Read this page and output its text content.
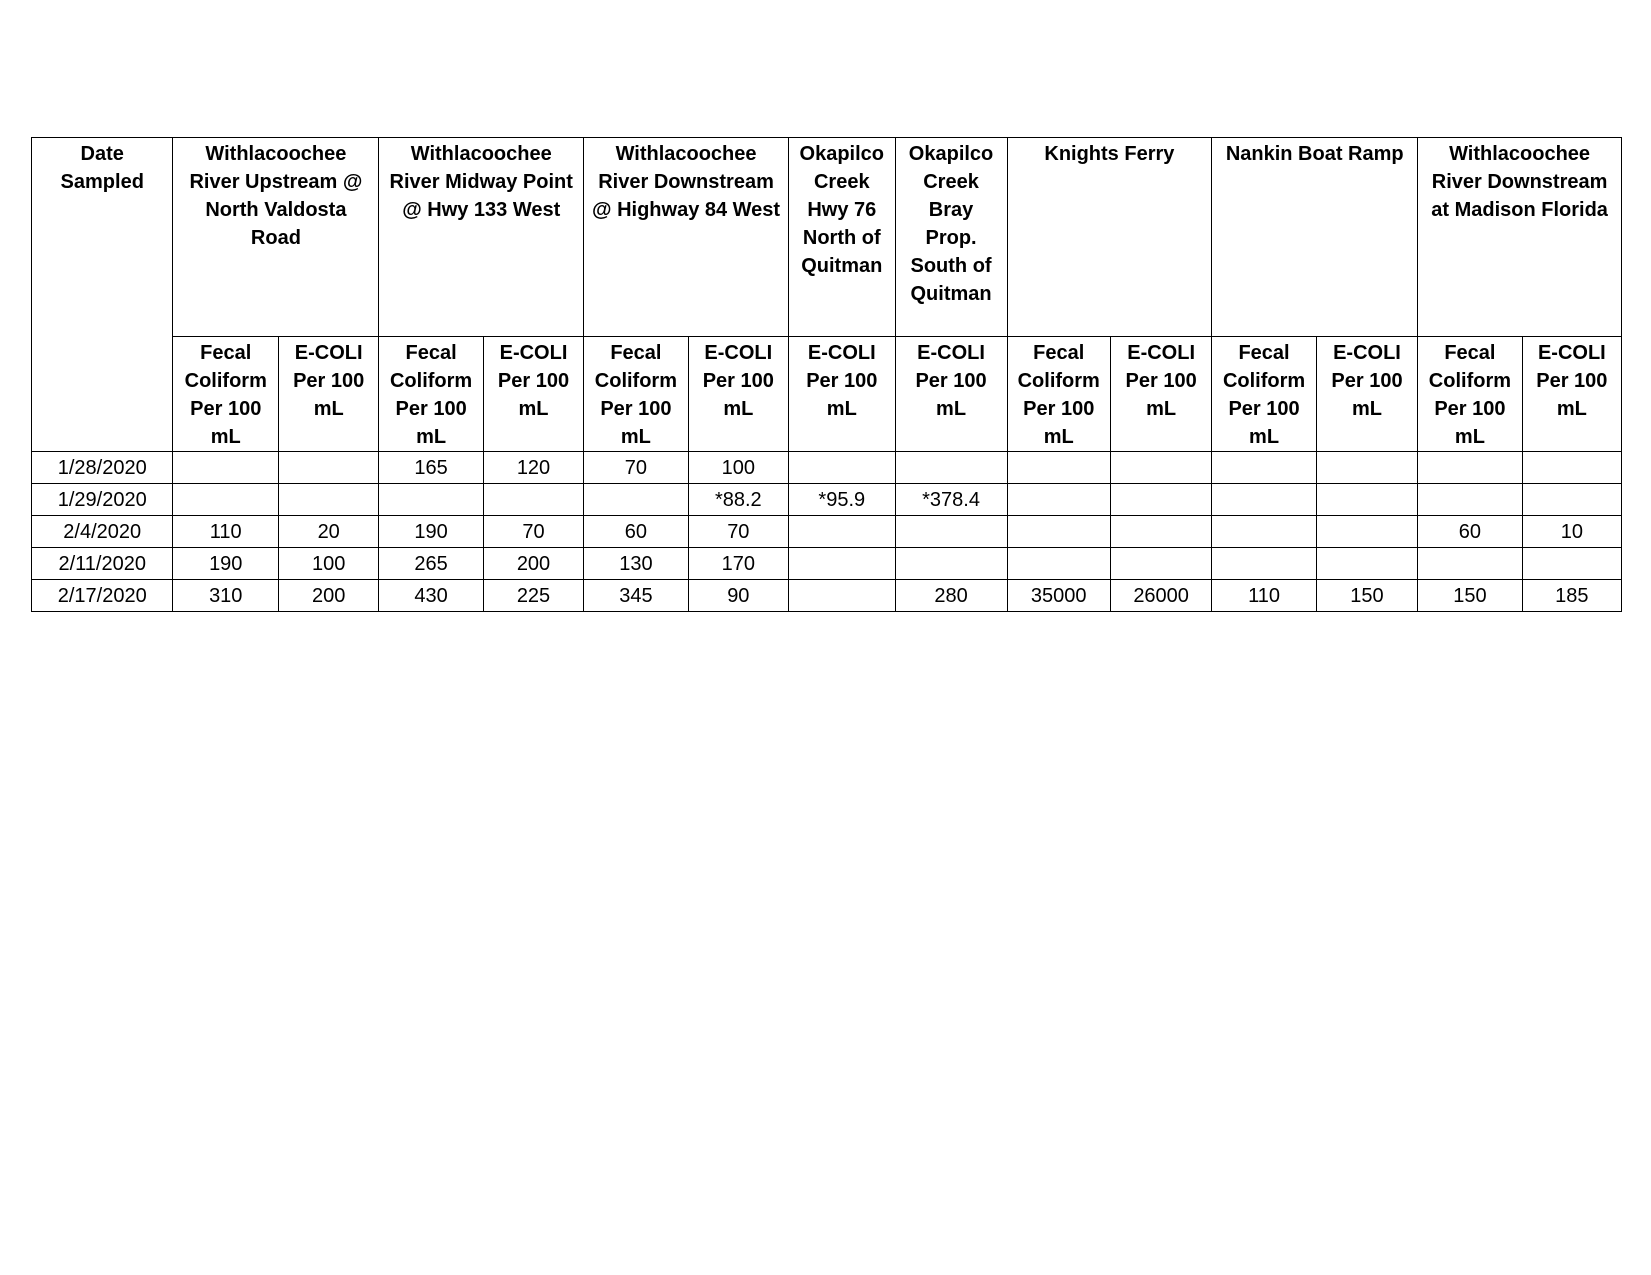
Date Sampled	Withlacoochee River Upstream @ North Valdosta Road		Withlacoochee River Midway Point @ Hwy 133 West		Withlacoochee River Downstream @ Highway 84 West		Okapilco Creek Hwy 76 North of Quitman	Okapilco Creek Bray Prop. South of Quitman	Knights Ferry		Nankin Boat Ramp		Withlacoochee River Downstream at Madison Florida	
	Fecal Coliform Per 100 mL	E-COLI Per 100 mL	Fecal Coliform Per 100 mL	E-COLI Per 100 mL	Fecal Coliform Per 100 mL	E-COLI Per 100 mL	E-COLI Per 100 mL	E-COLI Per 100 mL	Fecal Coliform Per 100 mL	E-COLI Per 100 mL	Fecal Coliform Per 100 mL	E-COLI Per 100 mL	Fecal Coliform Per 100 mL	E-COLI Per 100 mL
1/28/2020			165	120	70	100								
1/29/2020						*88.2	*95.9	*378.4						
2/4/2020	110	20	190	70	60	70							60	10
2/11/2020	190	100	265	200	130	170								
2/17/2020	310	200	430	225	345	90		280	35000	26000	110	150	150	185
